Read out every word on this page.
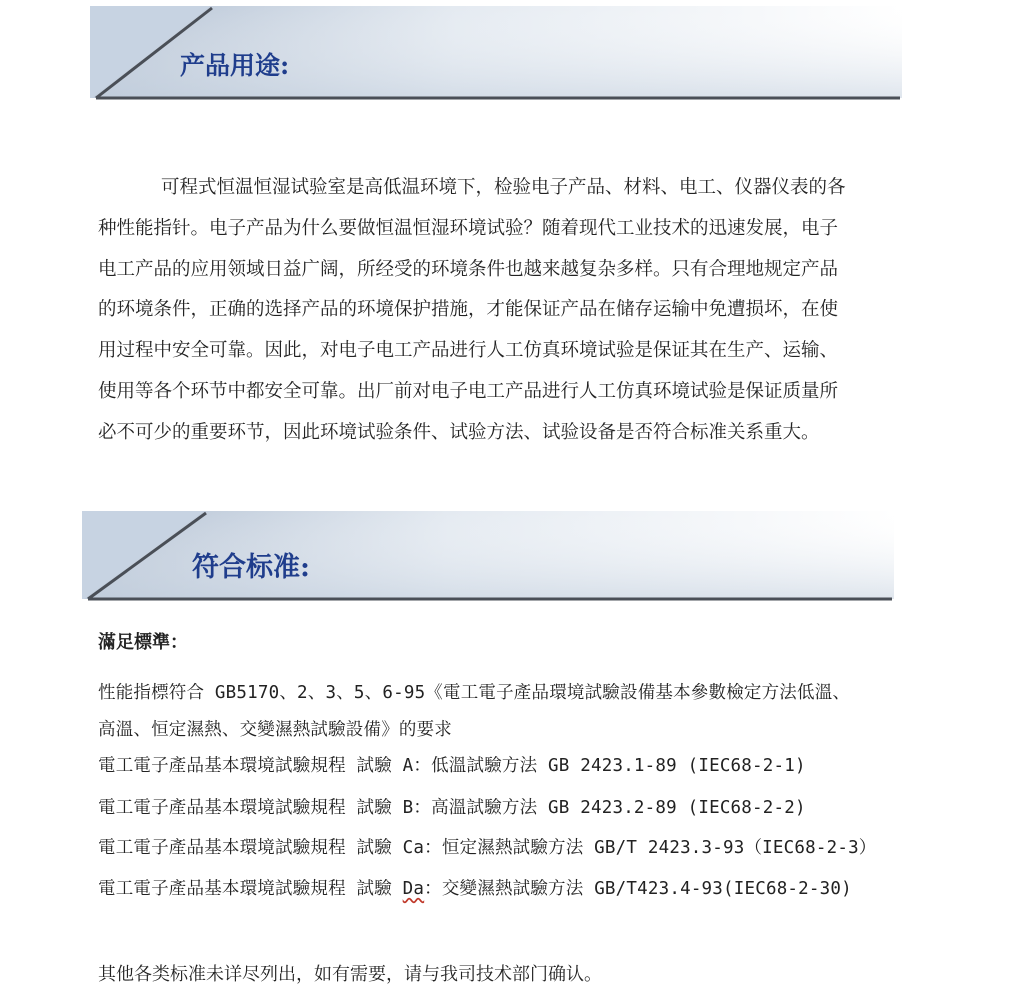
产品用途:
可程式恒温恒湿试验室是高低温环境下，检验电子产品、材料、电工、仪器仪表的各
种性能指针。电子产品为什么要做恒温恒湿环境试验？随着现代工业技术的迅速发展，电子
电工产品的应用领域日益广阔，所经受的环境条件也越来越复杂多样。只有合理地规定产品
的环境条件，正确的选择产品的环境保护措施，才能保证产品在储存运输中免遭损坏，在使
用过程中安全可靠。因此，对电子电工产品进行人工仿真环境试验是保证其在生产、运输、
使用等各个环节中都安全可靠。出厂前对电子电工产品进行人工仿真环境试验是保证质量所
必不可少的重要环节，因此环境试验条件、试验方法、试验设备是否符合标准关系重大。
符合标准:
滿足標準：
性能指標符合 GB5170、2、3、5、6-95《電工電子產品環境試驗設備基本參數檢定方法低溫、
高溫、恒定濕熱、交變濕熱試驗設備》的要求
電工電子產品基本環境試驗規程 試驗 A：低溫試驗方法 GB 2423.1-89 (IEC68-2-1)
電工電子產品基本環境試驗規程 試驗 B：高溫試驗方法 GB 2423.2-89 (IEC68-2-2)
電工電子產品基本環境試驗規程 試驗 Ca：恒定濕熱試驗方法 GB/T 2423.3-93（IEC68-2-3）
電工電子產品基本環境試驗規程 試驗 Da：交變濕熱試驗方法 GB/T423.4-93(IEC68-2-30)
其他各类标准未详尽列出，如有需要，请与我司技术部门确认。
